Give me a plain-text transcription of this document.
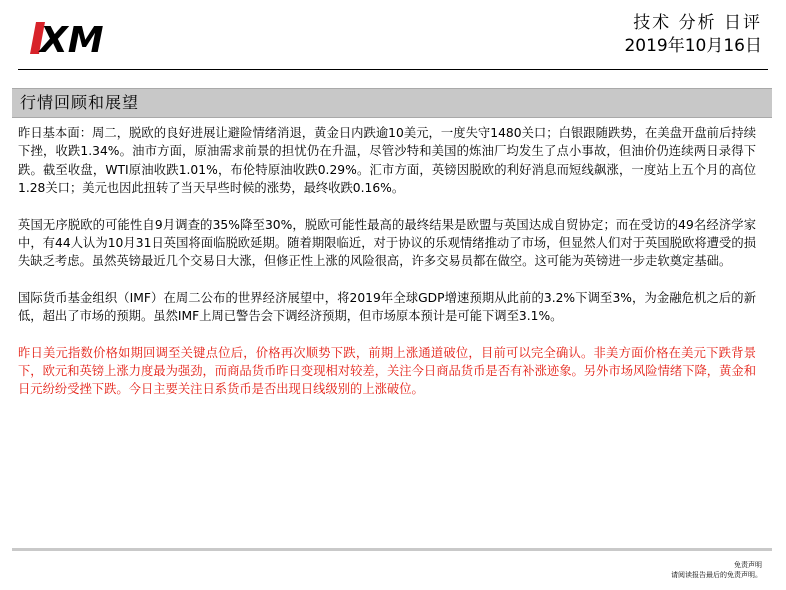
XM	技术 分析 日评
2019年10月16日
行情回顾和展望

昨日基本面：周二，脱欧的良好进展让避险情绪消退，黄金日内跌逾10美元，一度失守1480关口；白银跟随跌势，在美盘开盘前后持续下挫，收跌1.34%。油市方面，原油需求前景的担忧仍在升温，尽管沙特和美国的炼油厂均发生了点小事故，但油价仍连续两日录得下跌。截至收盘，WTI原油收跌1.01%，布伦特原油收跌0.29%。汇市方面，英镑因脱欧的利好消息而短线飙涨，一度站上五个月的高位1.28关口；美元也因此扭转了当天早些时候的涨势，最终收跌0.16%。

英国无序脱欧的可能性自9月调查的35%降至30%，脱欧可能性最高的最终结果是欧盟与英国达成自贸协定；而在受访的49名经济学家中，有44人认为10月31日英国将面临脱欧延期。随着期限临近，对于协议的乐观情绪推动了市场，但显然人们对于英国脱欧将遭受的损失缺乏考虑。虽然英镑最近几个交易日大涨，但修正性上涨的风险很高，许多交易员都在做空。这可能为英镑进一步走软奠定基础。

国际货币基金组织（IMF）在周二公布的世界经济展望中，将2019年全球GDP增速预期从此前的3.2%下调至3%，为金融危机之后的新低，超出了市场的预期。虽然IMF上周已警告会下调经济预期，但市场原本预计是可能下调至3.1%。

昨日美元指数价格如期回调至关键点位后，价格再次顺势下跌，前期上涨通道破位，目前可以完全确认。非美方面价格在美元下跌背景下，欧元和英镑上涨力度最为强劲，而商品货币昨日变现相对较差，关注今日商品货币是否有补涨迹象。另外市场风险情绪下降，黄金和日元纷纷受挫下跌。今日主要关注日系货币是否出现日线级别的上涨破位。

免责声明
请阅读报告最后的免责声明。
